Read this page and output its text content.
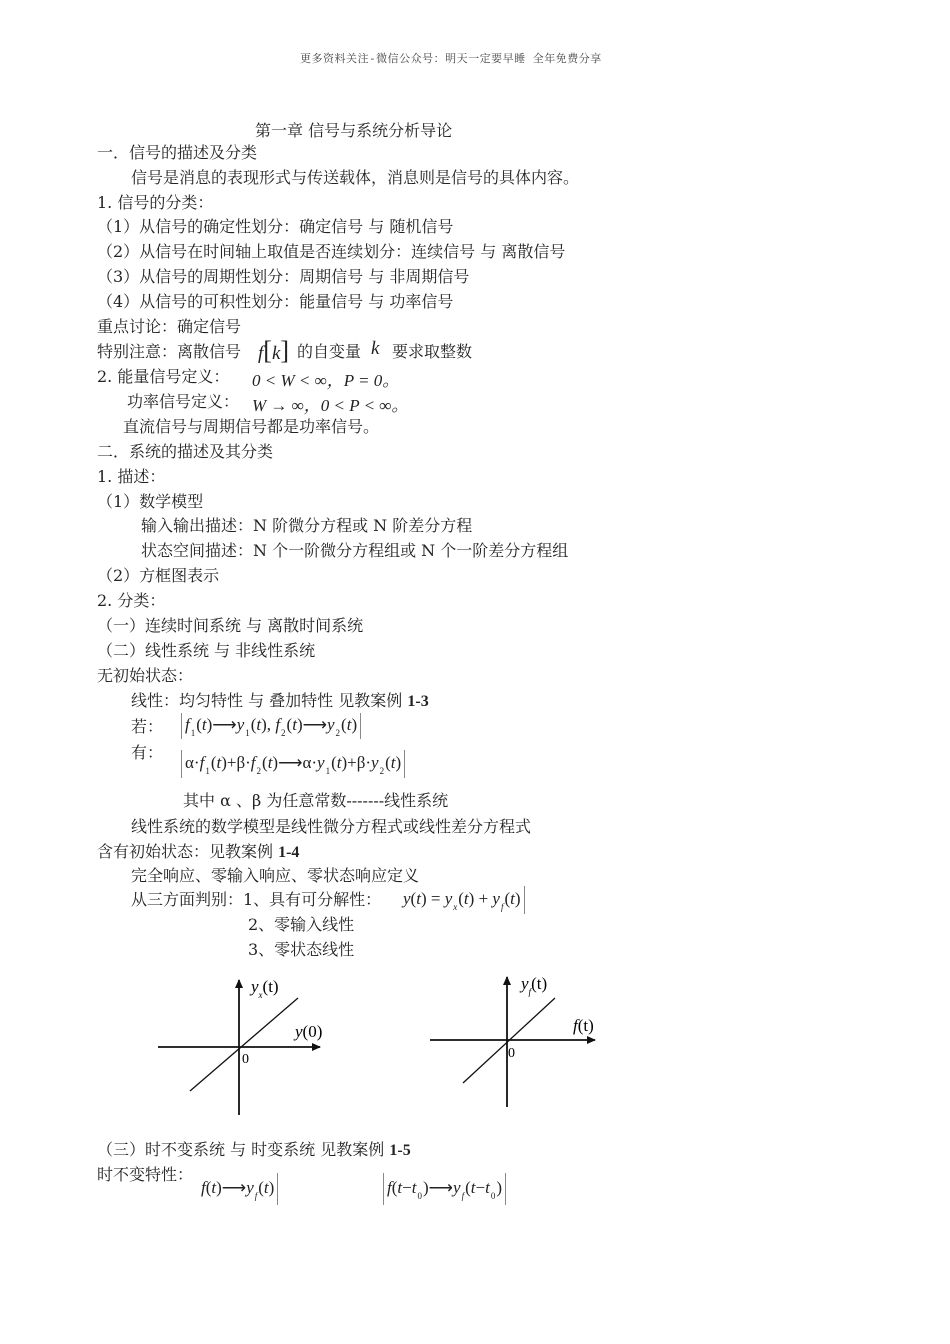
更多资料关注-微信公众号：明天一定要早睡 全年免费分享
第一章 信号与系统分析导论
一．信号的描述及分类
信号是消息的表现形式与传送载体，消息则是信号的具体内容。
1. 信号的分类：
（1）从信号的确定性划分：确定信号 与 随机信号
（2）从信号在时间轴上取值是否连续划分：连续信号 与 离散信号
（3）从信号的周期性划分：周期信号 与 非周期信号
（4）从信号的可积性划分：能量信号 与 功率信号
重点讨论：确定信号
特别注意：离散信号 f[k] 的自变量 k 要求取整数
2. 能量信号定义： 0 < W < ∞，P = 0。
功率信号定义： W → ∞，0 < P < ∞。
直流信号与周期信号都是功率信号。
二．系统的描述及其分类
1. 描述：
（1）数学模型
输入输出描述：N 阶微分方程或 N 阶差分方程
状态空间描述：N 个一阶微分方程组或 N 个一阶差分方程组
（2）方框图表示
2. 分类：
（一）连续时间系统 与 离散时间系统
（二）线性系统 与 非线性系统
无初始状态：
线性：均匀特性 与 叠加特性 见教案例 1-3
若： $f_1(t)⟶y_1(t)$, $f_2(t)⟶y_2(t)$
有：
$\alpha\cdot f_1(t)+\beta\cdot f_2(t)⟶\alpha\cdot y_1(t)+\beta\cdot y_2(t)$
其中 α 、β 为任意常数-------线性系统
线性系统的数学模型是线性微分方程式或线性差分方程式
含有初始状态：见教案例 1-4
完全响应、零输入响应、零状态响应定义
从三方面判别：1、具有可分解性： $y(t) = y_x(t) + y_f(t)$
2、零输入线性
3、零状态线性
$y_x(t)$
y(0)
0
$y_f(t)$
f(t)
0
（三）时不变系统 与 时变系统 见教案例 1-5
时不变特性：
$f(t)⟶y_f(t)$	$f(t-t_0)⟶y_f(t-t_0)$
